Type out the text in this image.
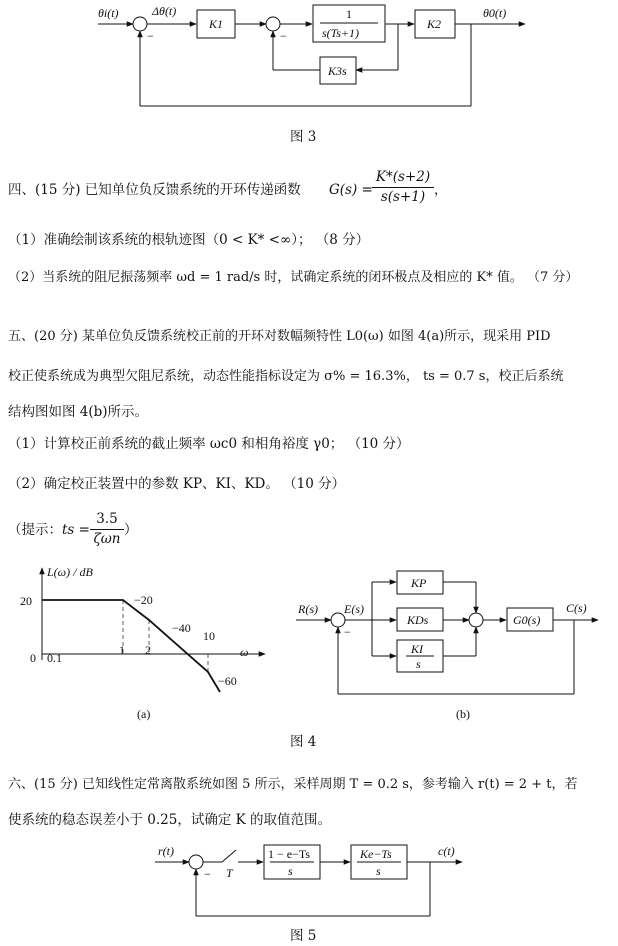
θi(t)
−
Δθ(t)
K1
−
1
s(Ts+1)
K2
θ0(t)
K3s
图 3
四、(15 分) 已知单位负反馈系统的开环传递函数 $G(s) = \frac{K*(s+2)}{s(s+1)}$ ，
（1）准确绘制该系统的根轨迹图（0 < K* <∞）； （8 分）
（2）当系统的阻尼振荡频率 ωd = 1 rad/s 时，试确定系统的闭环极点及相应的 K* 值。 （7 分）
五、(20 分) 某单位负反馈系统校正前的开环对数幅频特性 L0(ω) 如图 4(a)所示，现采用 PID
校正使系统成为典型欠阻尼系统，动态性能指标设定为 σ% = 16.3%， ts = 0.7 s，校正后系统
结构图如图 4(b)所示。
（1）计算校正前系统的截止频率 ωc0 和相角裕度 γ0； （10 分）
（2）确定校正装置中的参数 KP、KI、KD。 （10 分）
（提示： ts =
3.5
ζωn
）
L(ω) / dB
20
0 0.1
1 2
10
ω
−20
−40
−60
(a)
R(s)
−
E(s)
KP
KDs
KI
s
G0(s)
C(s)
(b)
图 4
六、(15 分) 已知线性定常离散系统如图 5 所示，采样周期 T = 0.2 s，参考输入 r(t) = 2 + t，若
使系统的稳态误差小于 0.25，试确定 K 的取值范围。
r(t)
− T
1 − e−Ts
s
Ke−Ts
s
c(t)
图 5
